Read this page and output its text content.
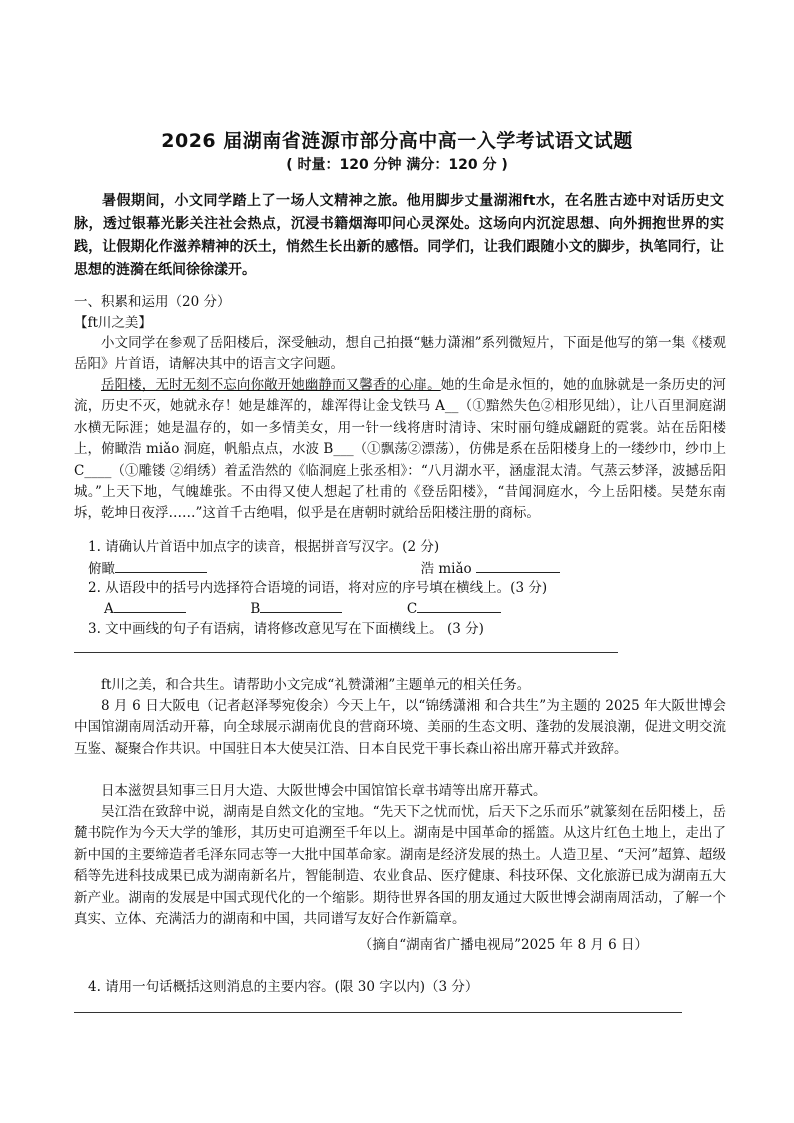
2026 届湖南省涟源市部分高中高一入学考试语文试题
( 时量：120 分钟 满分：120 分 )

暑假期间，小文同学踏上了一场人文精神之旅。他用脚步丈量湖湘ft水，在名胜古迹中对话历史文脉，透过银幕光影关注社会热点，沉浸书籍烟海叩问心灵深处。这场向内沉淀思想、向外拥抱世界的实践，让假期化作滋养精神的沃土，悄然生长出新的感悟。同学们，让我们跟随小文的脚步，执笔同行，让思想的涟漪在纸间徐徐漾开。

一、积累和运用（20 分）
【ft川之美】

小文同学在参观了岳阳楼后，深受触动，想自己拍摄“魅力潇湘”系列微短片，下面是他写的第一集《楼观岳阳》片首语，请解决其中的语言文字问题。

岳阳楼，无时无刻不忘向你敞开她幽静而又馨香的心扉。她的生命是永恒的，她的血脉就是一条历史的河流，历史不灭，她就永存！她是雄浑的，雄浑得让金戈铁马 A__（①黯然失色②相形见绌），让八百里洞庭湖水横无际涯；她是温存的，如一多情美女，用一针一线将唐时清诗、宋时丽句缝成翩跹的霓裳。站在岳阳楼上，俯瞰浩 miǎo 洞庭，帆船点点，水波 B___（①飘荡②漂荡），仿佛是系在岳阳楼身上的一缕纱巾，纱巾上 C____（①雕镂 ②绢绣）着孟浩然的《临洞庭上张丞相》：“八月湖水平，涵虚混太清。气蒸云梦泽，波撼岳阳城。”上天下地，气魄雄张。不由得又使人想起了杜甫的《登岳阳楼》，“昔闻洞庭水，今上岳阳楼。吴楚东南坼，乾坤日夜浮……”这首千古绝唱，似乎是在唐朝时就给岳阳楼注册的商标。

1. 请确认片首语中加点字的读音，根据拼音写汉字。(2 分)
俯瞰	浩 miǎo
2. 从语段中的括号内选择符合语境的词语，将对应的序号填在横线上。(3 分)
A	B	C
3. 文中画线的句子有语病，请将修改意见写在下面横线上。 (3 分)
ft川之美，和合共生。请帮助小文完成“礼赞潇湘”主题单元的相关任务。

8 月 6 日大阪电（记者赵泽琴宛俊余）今天上午，以“锦绣潇湘 和合共生”为主题的 2025 年大阪世博会中国馆湖南周活动开幕，向全球展示湖南优良的营商环境、美丽的生态文明、蓬勃的发展浪潮，促进文明交流互鉴、凝聚合作共识。中国驻日本大使吴江浩、日本自民党干事长森山裕出席开幕式并致辞。

日本滋贺县知事三日月大造、大阪世博会中国馆馆长章书靖等出席开幕式。

吴江浩在致辞中说，湖南是自然文化的宝地。“先天下之忧而忧，后天下之乐而乐”就篆刻在岳阳楼上，岳麓书院作为今天大学的雏形，其历史可追溯至千年以上。湖南是中国革命的摇篮。从这片红色土地上，走出了新中国的主要缔造者毛泽东同志等一大批中国革命家。湖南是经济发展的热土。人造卫星、“天河”超算、超级稻等先进科技成果已成为湖南新名片，智能制造、农业食品、医疗健康、科技环保、文化旅游已成为湖南五大新产业。湖南的发展是中国式现代化的一个缩影。期待世界各国的朋友通过大阪世博会湖南周活动，了解一个真实、立体、充满活力的湖南和中国，共同谱写友好合作新篇章。

（摘自“湖南省广播电视局”2025 年 8 月 6 日）
4. 请用一句话概括这则消息的主要内容。(限 30 字以内)（3 分）
